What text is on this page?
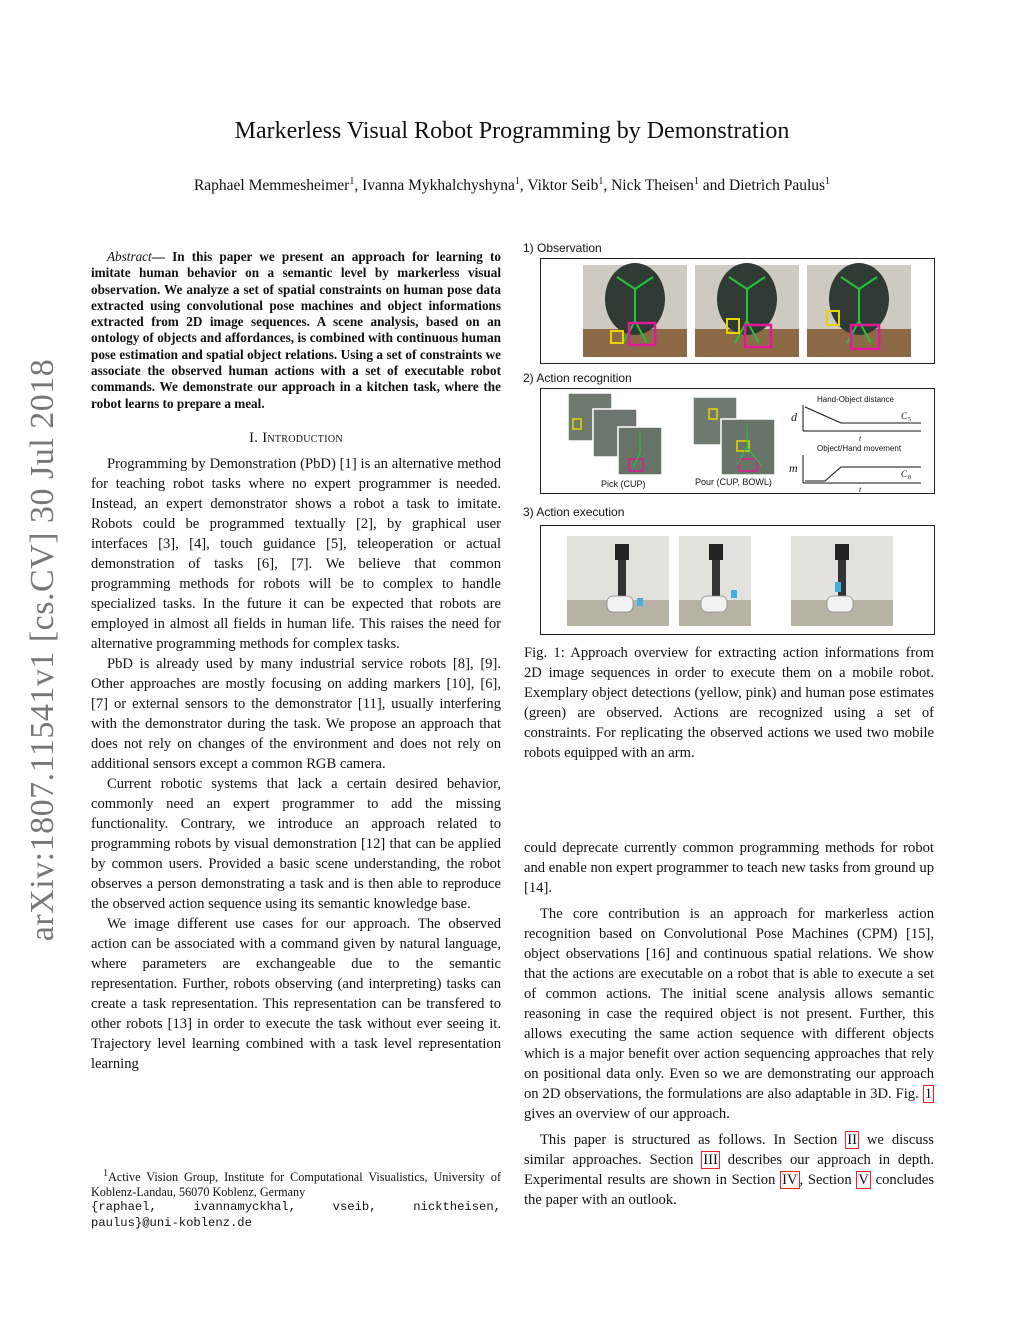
arXiv:1807.11541v1 [cs.CV] 30 Jul 2018
Markerless Visual Robot Programming by Demonstration
Raphael Memmesheimer$^1$, Ivanna Mykhalchyshyna$^1$, Viktor Seib$^1$, Nick Theisen$^1$ and Dietrich Paulus$^1$

Abstract— In this paper we present an approach for learning to imitate human behavior on a semantic level by markerless visual observation. We analyze a set of spatial constraints on human pose data extracted using convolutional pose machines and object informations extracted from 2D image sequences. A scene analysis, based on an ontology of objects and affordances, is combined with continuous human pose estimation and spatial object relations. Using a set of constraints we associate the observed human actions with a set of executable robot commands. We demonstrate our approach in a kitchen task, where the robot learns to prepare a meal.

I. Introduction

Programming by Demonstration (PbD) [1] is an alternative method for teaching robot tasks where no expert programmer is needed. Instead, an expert demonstrator shows a robot a task to imitate. Robots could be programmed textually [2], by graphical user interfaces [3], [4], touch guidance [5], teleoperation or actual demonstration of tasks [6], [7]. We believe that common programming methods for robots will be to complex to handle specialized tasks. In the future it can be expected that robots are employed in almost all fields in human life. This raises the need for alternative programming methods for complex tasks.

PbD is already used by many industrial service robots [8], [9]. Other approaches are mostly focusing on adding markers [10], [6], [7] or external sensors to the demonstrator [11], usually interfering with the demonstrator during the task. We propose an approach that does not rely on changes of the environment and does not rely on additional sensors except a common RGB camera.

Current robotic systems that lack a certain desired behavior, commonly need an expert programmer to add the missing functionality. Contrary, we introduce an approach related to programming robots by visual demonstration [12] that can be applied by common users. Provided a basic scene understanding, the robot observes a person demonstrating a task and is then able to reproduce the observed action sequence using its semantic knowledge base.

We image different use cases for our approach. The observed action can be associated with a command given by natural language, where parameters are exchangeable due to the semantic representation. Further, robots observing (and interpreting) tasks can create a task representation. This representation can be transfered to other robots [13] in order to execute the task without ever seeing it. Trajectory level learning combined with a task level representation learning

$^1$Active Vision Group, Institute for Computational Visualistics, University of Koblenz-Landau, 56070 Koblenz, Germany
{raphael, ivannamyckhal, vseib, nicktheisen, paulus}@uni-koblenz.de
1) Observation
2) Action recognition
Pick (CUP)	Pour (CUP, BOWL)
Hand-Object distance
d
t
C 5
Object/Hand movement
m
t
C 8
3) Action execution
Fig. 1: Approach overview for extracting action informations from 2D image sequences in order to execute them on a mobile robot. Exemplary object detections (yellow, pink) and human pose estimates (green) are observed. Actions are recognized using a set of constraints. For replicating the observed actions we used two mobile robots equipped with an arm.

could deprecate currently common programming methods for robot and enable non expert programmer to teach new tasks from ground up [14].

The core contribution is an approach for markerless action recognition based on Convolutional Pose Machines (CPM) [15], object observations [16] and continuous spatial relations. We show that the actions are executable on a robot that is able to execute a set of common actions. The initial scene analysis allows semantic reasoning in case the required object is not present. Further, this allows executing the same action sequence with different objects which is a major benefit over action sequencing approaches that rely on positional data only. Even so we are demonstrating our approach on 2D observations, the formulations are also adaptable in 3D. Fig. 1 gives an overview of our approach.

This paper is structured as follows. In Section II we discuss similar approaches. Section III describes our approach in depth. Experimental results are shown in Section IV , Section V concludes the paper with an outlook.
